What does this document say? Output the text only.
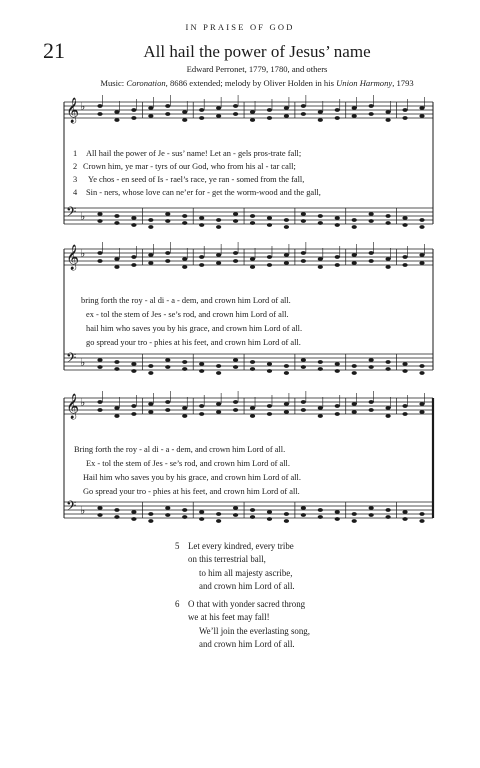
IN PRAISE OF GOD
21	All hail the power of Jesus’ name
Edward Perronet, 1779, 1780, and others
Music: Coronation, 8686 extended; melody by Oliver Holden in his Union Harmony, 1793
𝄞 ♭
𝄢 ♭
𝄞 ♭
𝄢 ♭
𝄞 ♭
𝄢 ♭
1
2
3
4
All hail the power of Je - sus’ name! Let an - gels pros-trate fall;
Crown him, ye mar - tyrs of our God, who from his al - tar call;
Ye chos - en seed of Is - rael’s race, ye ran - somed from the fall,
Sin - ners, whose love can ne’er for - get the worm-wood and the gall,
bring forth the roy - al di - a - dem, and crown him Lord of all.
ex - tol the stem of Jes - se’s rod, and crown him Lord of all.
hail him who saves you by his grace, and crown him Lord of all.
go spread your tro - phies at his feet, and crown him Lord of all.
Bring forth the roy - al di - a - dem, and crown him Lord of all.
Ex - tol the stem of Jes - se’s rod, and crown him Lord of all.
Hail him who saves you by his grace, and crown him Lord of all.
Go spread your tro - phies at his feet, and crown him Lord of all.
5 Let every kindred, every tribe
on this terrestrial ball,
to him all majesty ascribe,
and crown him Lord of all.
6 O that with yonder sacred throng
we at his feet may fall!
We’ll join the everlasting song,
and crown him Lord of all.
